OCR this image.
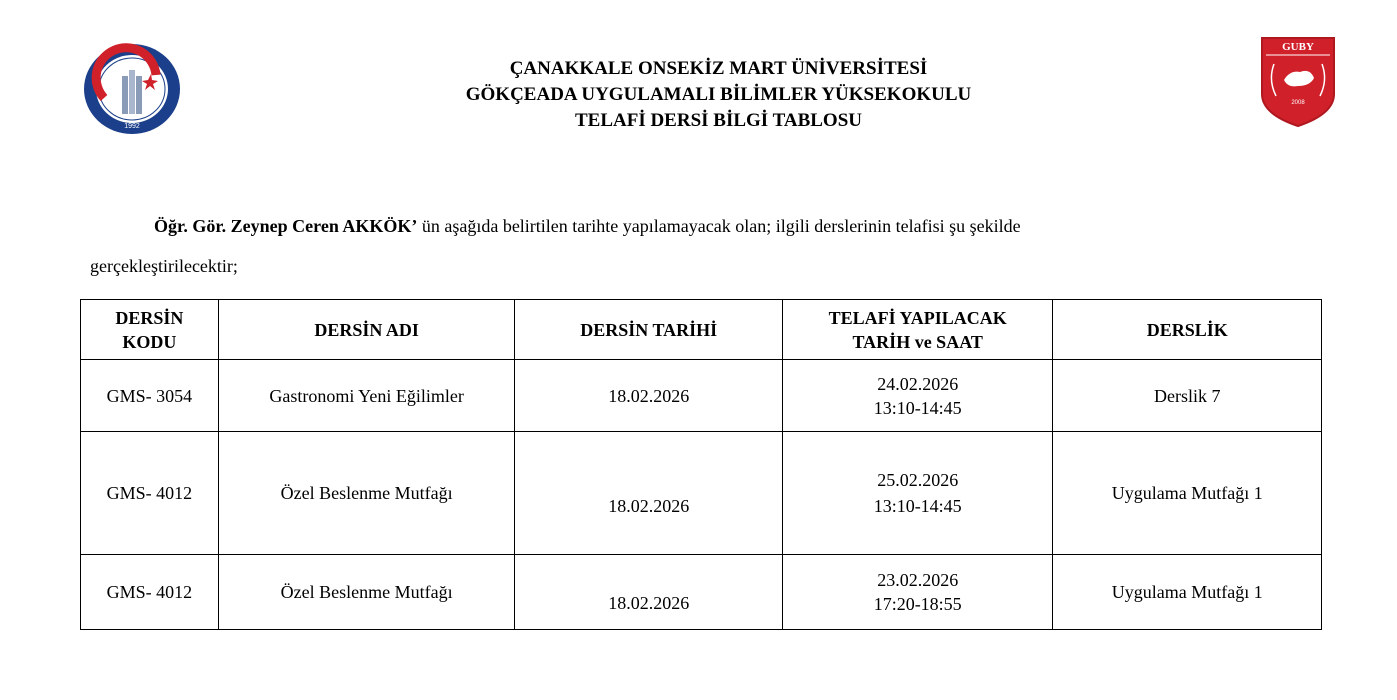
1992
GUBY
2008
ÇANAKKALE ONSEKİZ MART ÜNİVERSİTESİ
GÖKÇEADA UYGULAMALI BİLİMLER YÜKSEKOKULU
TELAFİ DERSİ BİLGİ TABLOSU
Öğr. Gör. Zeynep Ceren AKKÖK’ ün aşağıda belirtilen tarihte yapılamayacak olan; ilgili derslerinin telafisi şu şekilde
gerçekleştirilecektir;
DERSİN
KODU	DERSİN ADI	DERSİN TARİHİ	TELAFİ YAPILACAK
TARİH ve SAAT	DERSLİK
GMS- 3054	Gastronomi Yeni Eğilimler	18.02.2026	24.02.2026
13:10-14:45	Derslik 7
GMS- 4012	Özel Beslenme Mutfağı	18.02.2026	25.02.2026
13:10-14:45	Uygulama Mutfağı 1
GMS- 4012	Özel Beslenme Mutfağı	18.02.2026	23.02.2026
17:20-18:55	Uygulama Mutfağı 1
